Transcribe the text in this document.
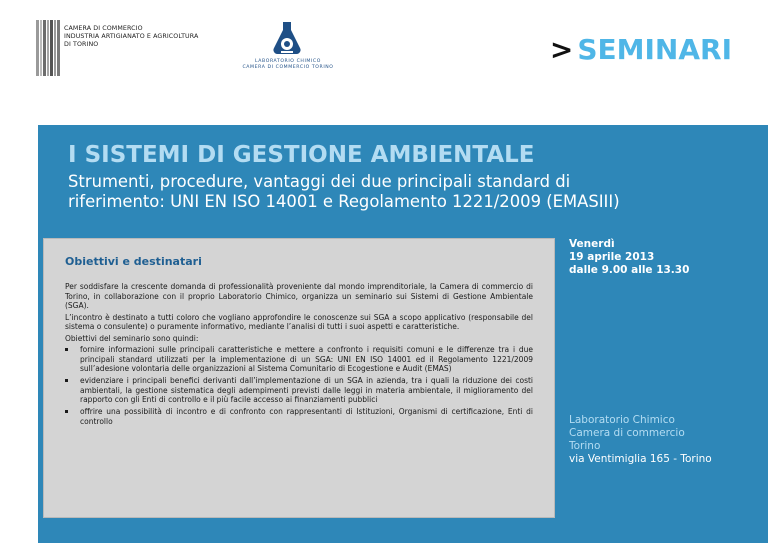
CAMERA DI COMMERCIO
INDUSTRIA ARTIGIANATO E AGRICOLTURA
DI TORINO
LABORATORIO CHIMICO
CAMERA DI COMMERCIO TORINO
> SEMINARI
I SISTEMI DI GESTIONE AMBIENTALE
Strumenti, procedure, vantaggi dei due principali standard di
riferimento: UNI EN ISO 14001 e Regolamento 1221/2009 (EMASIII)
Obiettivi e destinatari

Per soddisfare la crescente domanda di professionalità proveniente dal mondo imprenditoriale, la Camera di commercio di Torino, in collaborazione con il proprio Laboratorio Chimico, organizza un seminario sui Sistemi di Gestione Ambientale (SGA).

L’incontro è destinato a tutti coloro che vogliano approfondire le conoscenze sui SGA a scopo applicativo (responsabile del sistema o consulente) o puramente informativo, mediante l’analisi di tutti i suoi aspetti e caratteristiche.

Obiettivi del seminario sono quindi:

fornire informazioni sulle principali caratteristiche e mettere a confronto i requisiti comuni e le differenze tra i due principali standard utilizzati per la implementazione di un SGA: UNI EN ISO 14001 ed il Regolamento 1221/2009 sull’adesione volontaria delle organizzazioni al Sistema Comunitario di Ecogestione e Audit (EMAS)
evidenziare i principali benefici derivanti dall’implementazione di un SGA in azienda, tra i quali la riduzione dei costi ambientali, la gestione sistematica degli adempimenti previsti dalle leggi in materia ambientale, il miglioramento del rapporto con gli Enti di controllo e il più facile accesso ai finanziamenti pubblici
offrire una possibilità di incontro e di confronto con rappresentanti di Istituzioni, Organismi di certificazione, Enti di controllo
Venerdì
19 aprile 2013
dalle 9.00 alle 13.30
Laboratorio Chimico
Camera di commercio
Torino
via Ventimiglia 165 - Torino
